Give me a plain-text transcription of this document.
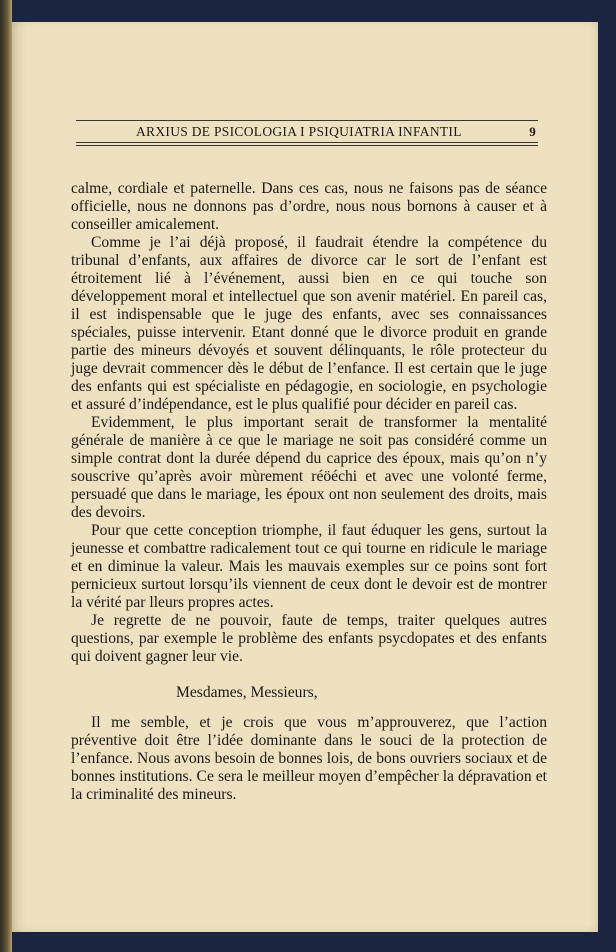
ARXIUS DE PSICOLOGIA I PSIQUIATRIA INFANTIL	9

calme, cordiale et paternelle. Dans ces cas, nous ne faisons pas de séance officielle, nous ne donnons pas d’ordre, nous nous bornons à causer et à conseiller amicalement.

Comme je l’ai déjà proposé, il faudrait étendre la compétence du tribunal d’enfants, aux affaires de divorce car le sort de l’enfant est étroitement lié à l’événement, aussi bien en ce qui touche son développement moral et intellectuel que son avenir matériel. En pareil cas, il est indispensable que le juge des enfants, avec ses connaissances spéciales, puisse intervenir. Etant donné que le divorce produit en grande partie des mineurs dévoyés et souvent délinquants, le rôle protecteur du juge devrait commencer dès le début de l’enfance. Il est certain que le juge des enfants qui est spécialiste en pédagogie, en sociologie, en psychologie et assuré d’indépendance, est le plus qualifié pour décider en pareil cas.

Evidemment, le plus important serait de transformer la mentalité générale de manière à ce que le mariage ne soit pas considéré comme un simple contrat dont la durée dépend du caprice des époux, mais qu’on n’y souscrive qu’après avoir mùrement réöéchi et avec une volonté ferme, persuadé que dans le mariage, les époux ont non seulement des droits, mais des devoirs.

Pour que cette conception triomphe, il faut éduquer les gens, surtout la jeunesse et combattre radicalement tout ce qui tourne en ridicule le mariage et en diminue la valeur. Mais les mauvais exemples sur ce poins sont fort pernicieux surtout lorsqu’ils viennent de ceux dont le devoir est de montrer la vérité par lleurs propres actes.

Je regrette de ne pouvoir, faute de temps, traiter quelques autres questions, par exemple le problème des enfants psycdopates et des enfants qui doivent gagner leur vie.

Mesdames, Messieurs,

Il me semble, et je crois que vous m’approuverez, que l’action préventive doit être l’idée dominante dans le souci de la protection de l’enfance. Nous avons besoin de bonnes lois, de bons ouvriers sociaux et de bonnes institutions. Ce sera le meilleur moyen d’empêcher la dépravation et la criminalité des mineurs.
